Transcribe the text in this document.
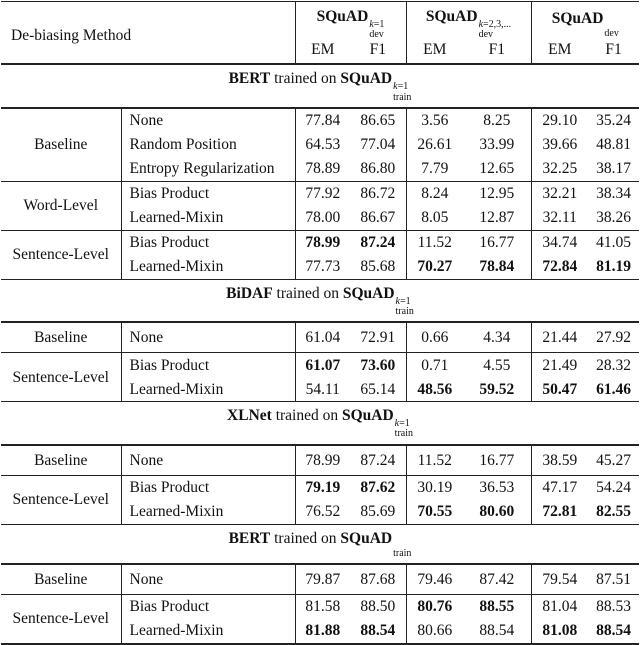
De-biasing Method		SQuAD k=1
dev		SQuAD k=2,3,...
dev		SQuAD
dev	

		EM	F1	EM	F1	EM	F1
BERT trained on SQuAD k=1
train							

Baseline	None	77.84	86.65	3.56	8.25	29.10	35.24
	Random Position	64.53	77.04	26.61	33.99	39.66	48.81
	Entropy Regularization	78.89	86.80	7.79	12.65	32.25	38.17
Word-Level	Bias Product	77.92	86.72	8.24	12.95	32.21	38.34
	Learned-Mixin	78.00	86.67	8.05	12.87	32.11	38.26
Sentence-Level	Bias Product	78.99	87.24	11.52	16.77	34.74	41.05
	Learned-Mixin	77.73	85.68	70.27	78.84	72.84	81.19
BiDAF trained on SQuAD k=1
train							

Baseline	None	61.04	72.91	0.66	4.34	21.44	27.92
Sentence-Level	Bias Product	61.07	73.60	0.71	4.55	21.49	28.32
	Learned-Mixin	54.11	65.14	48.56	59.52	50.47	61.46
XLNet trained on SQuAD k=1
train							

Baseline	None	78.99	87.24	11.52	16.77	38.59	45.27
Sentence-Level	Bias Product	79.19	87.62	30.19	36.53	47.17	54.24
	Learned-Mixin	76.52	85.69	70.55	80.60	72.81	82.55
BERT trained on SQuAD
train							

Baseline	None	79.87	87.68	79.46	87.42	79.54	87.51
Sentence-Level	Bias Product	81.58	88.50	80.76	88.55	81.04	88.53
	Learned-Mixin	81.88	88.54	80.66	88.54	81.08	88.54
